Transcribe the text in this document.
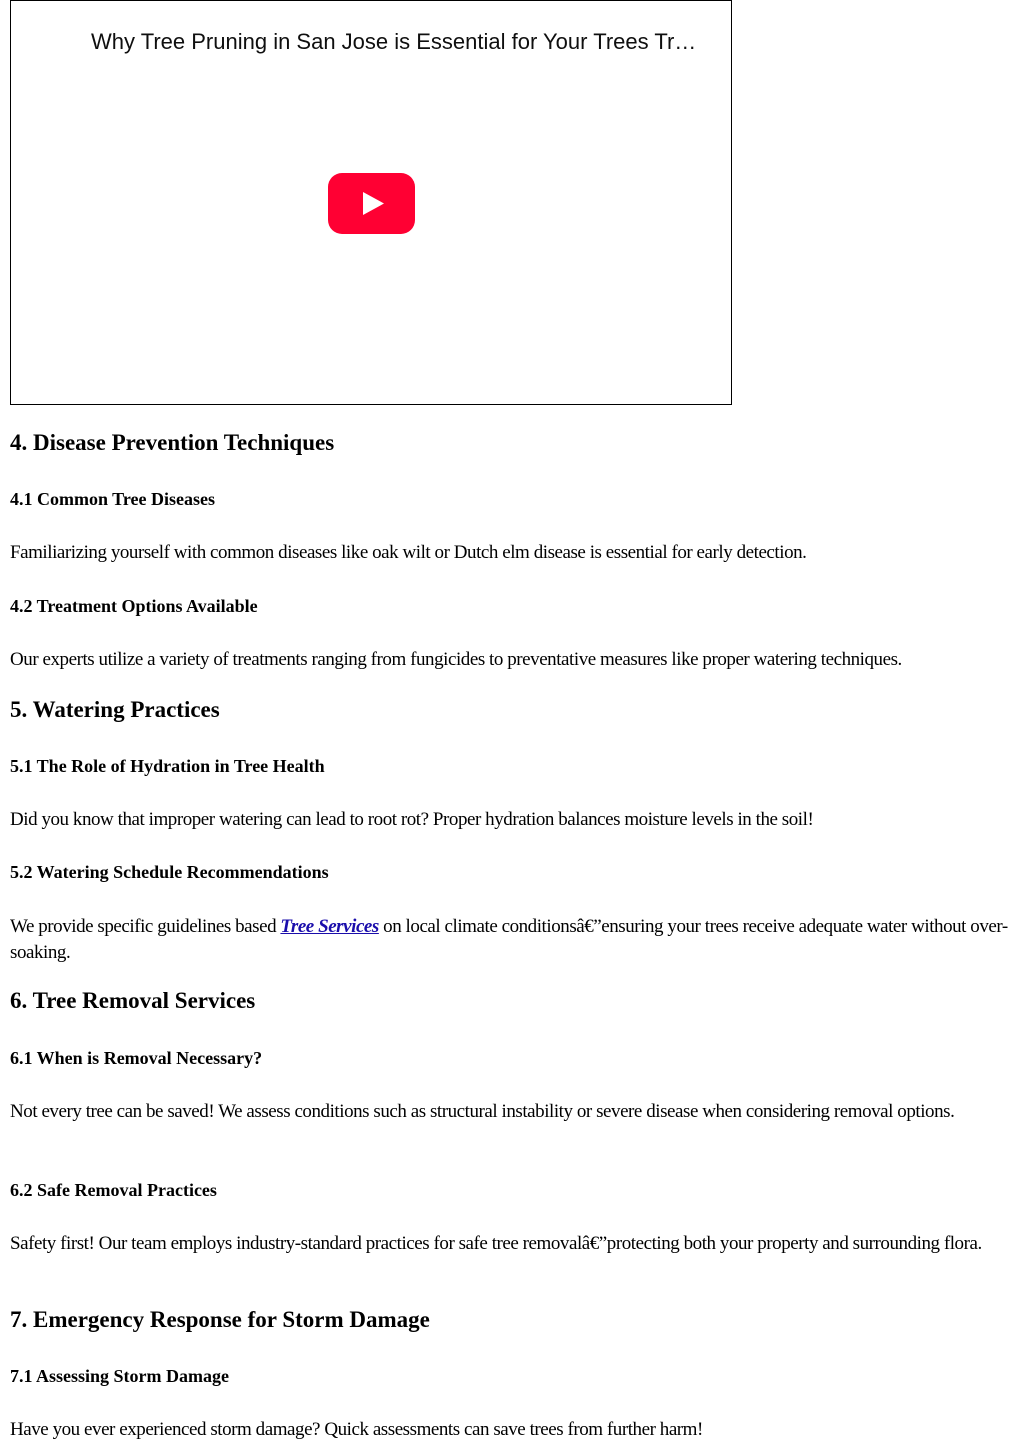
Why Tree Pruning in San Jose is Essential for Your Trees Tr…
4. Disease Prevention Techniques
4.1 Common Tree Diseases

Familiarizing yourself with common diseases like oak wilt or Dutch elm disease is essential for early detection.

4.2 Treatment Options Available

Our experts utilize a variety of treatments ranging from fungicides to preventative measures like proper watering techniques.

5. Watering Practices
5.1 The Role of Hydration in Tree Health

Did you know that improper watering can lead to root rot? Proper hydration balances moisture levels in the soil!

5.2 Watering Schedule Recommendations

We provide specific guidelines based Tree Services on local climate conditionsâ€”ensuring your trees receive adequate water without over-soaking.

6. Tree Removal Services
6.1 When is Removal Necessary?

Not every tree can be saved! We assess conditions such as structural instability or severe disease when considering removal options.

6.2 Safe Removal Practices

Safety first! Our team employs industry-standard practices for safe tree removalâ€”protecting both your property and surrounding flora.

7. Emergency Response for Storm Damage
7.1 Assessing Storm Damage

Have you ever experienced storm damage? Quick assessments can save trees from further harm!
